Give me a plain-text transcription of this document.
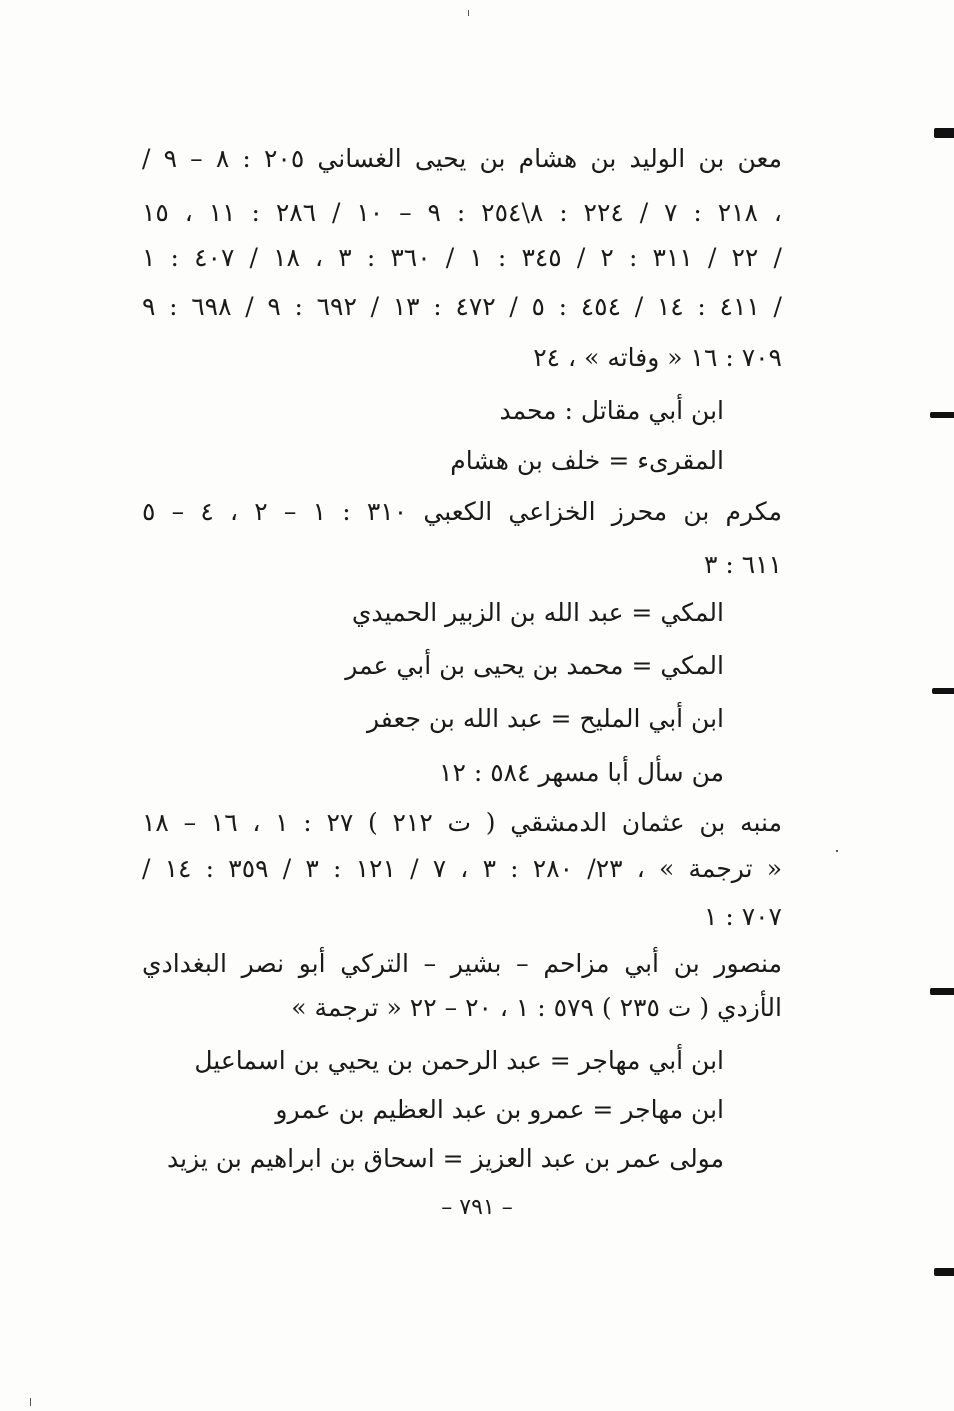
معن بن الوليد بن هشام بن يحيى الغساني ٢٠٥ : ٨ – ٩ /
٢١٨ : ٧ / ٢٢٤ : ٨\٢٥٤ : ٩ – ١٠ / ٢٨٦ : ١١ ، ١٥ ،
٢٢ / ٣١١ : ٢ / ٣٤٥ : ١ / ٣٦٠ : ٣ ، ١٨ / ٤٠٧ : ١ /
٤١١ : ١٤ / ٤٥٤ : ٥ / ٤٧٢ : ١٣ / ٦٩٢ : ٩ / ٦٩٨ : ٩ /
٧٠٩ : ١٦ « وفاته » ، ٢٤
ابن أبي مقاتل : محمد
المقرىء = خلف بن هشام
مكرم بن محرز الخزاعي الكعبي ٣١٠ : ١ – ٢ ، ٤ – ٥
٦١١ : ٣
المكي = عبد الله بن الزبير الحميدي
المكي = محمد بن يحيى بن أبي عمر
ابن أبي المليح = عبد الله بن جعفر
من سأل أبا مسهر ٥٨٤ : ١٢
منبه بن عثمان الدمشقي ( ت ٢١٢ ) ٢٧ : ١ ، ١٦ – ١٨
« ترجمة » ، ٢٣/ ٢٨٠ : ٣ ، ٧ / ١٢١ : ٣ / ٣٥٩ : ١٤ /
٧٠٧ : ١
منصور بن أبي مزاحم – بشير – التركي أبو نصر البغدادي
الأزدي ( ت ٢٣٥ ) ٥٧٩ : ١ ، ٢٠ – ٢٢ « ترجمة »
ابن أبي مهاجر = عبد الرحمن بن يحيي بن اسماعيل
ابن مهاجر = عمرو بن عبد العظيم بن عمرو
مولى عمر بن عبد العزيز = اسحاق بن ابراهيم بن يزيد
– ٧٩١ –
